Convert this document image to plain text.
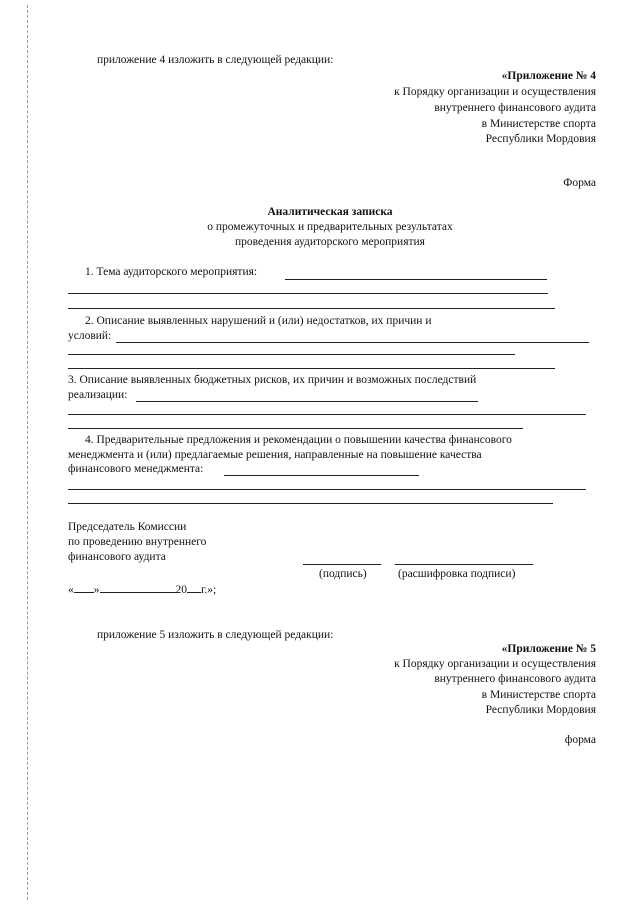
приложение 4 изложить в следующей редакции:
«Приложение № 4
к Порядку организации и осуществления
внутреннего финансового аудита
в Министерстве спорта
Республики Мордовия
Форма
Аналитическая записка
о промежуточных и предварительных результатах
проведения аудиторского мероприятия
1. Тема аудиторского мероприятия:
2. Описание выявленных нарушений и (или) недостатков, их причин и
условий:
3. Описание выявленных бюджетных рисков, их причин и возможных последствий
реализации:
4. Предварительные предложения и рекомендации о повышении качества финансового
менеджмента и (или) предлагаемые решения, направленные на повышение качества
финансового менеджмента:
Председатель Комиссии
по проведению внутреннего
финансового аудита
(подпись)	(расшифровка подписи)
« »	20 г.»;
приложение 5 изложить в следующей редакции:
«Приложение № 5
к Порядку организации и осуществления
внутреннего финансового аудита
в Министерстве спорта
Республики Мордовия
форма
